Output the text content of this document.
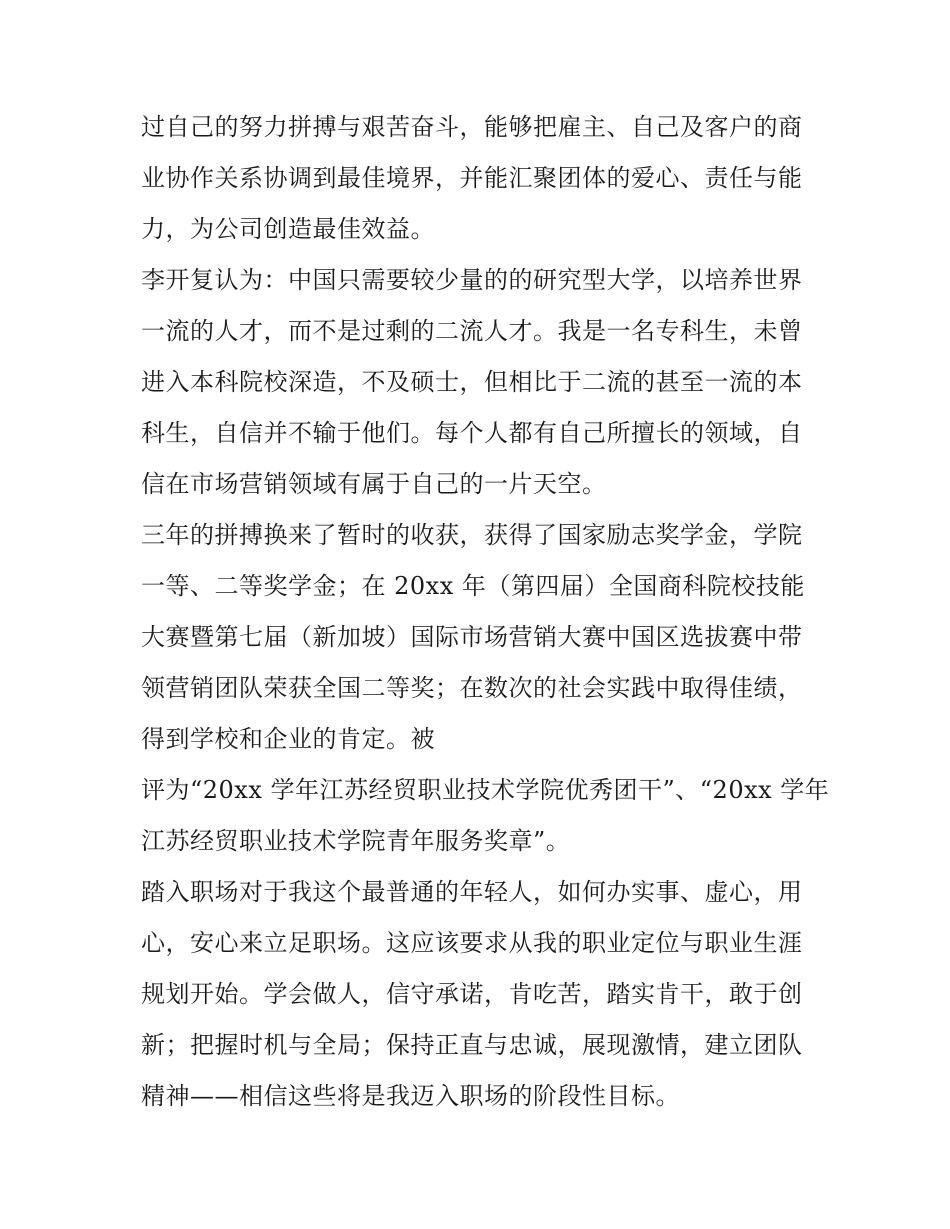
过自己的努力拼搏与艰苦奋斗，能够把雇主、自己及客户的商
业协作关系协调到最佳境界，并能汇聚团体的爱心、责任与能
力，为公司创造最佳效益。
李开复认为：中国只需要较少量的的研究型大学，以培养世界
一流的人才，而不是过剩的二流人才。我是一名专科生，未曾
进入本科院校深造，不及硕士，但相比于二流的甚至一流的本
科生，自信并不输于他们。每个人都有自己所擅长的领域，自
信在市场营销领域有属于自己的一片天空。
三年的拼搏换来了暂时的收获，获得了国家励志奖学金，学院
一等、二等奖学金；在 20xx 年（第四届）全国商科院校技能
大赛暨第七届（新加坡）国际市场营销大赛中国区选拔赛中带
领营销团队荣获全国二等奖；在数次的社会实践中取得佳绩，
得到学校和企业的肯定。被
评为“20xx 学年江苏经贸职业技术学院优秀团干”、“20xx 学年
江苏经贸职业技术学院青年服务奖章”。
踏入职场对于我这个最普通的年轻人，如何办实事、虚心，用
心，安心来立足职场。这应该要求从我的职业定位与职业生涯
规划开始。学会做人，信守承诺，肯吃苦，踏实肯干，敢于创
新；把握时机与全局；保持正直与忠诚，展现激情，建立团队
精神——相信这些将是我迈入职场的阶段性目标。
